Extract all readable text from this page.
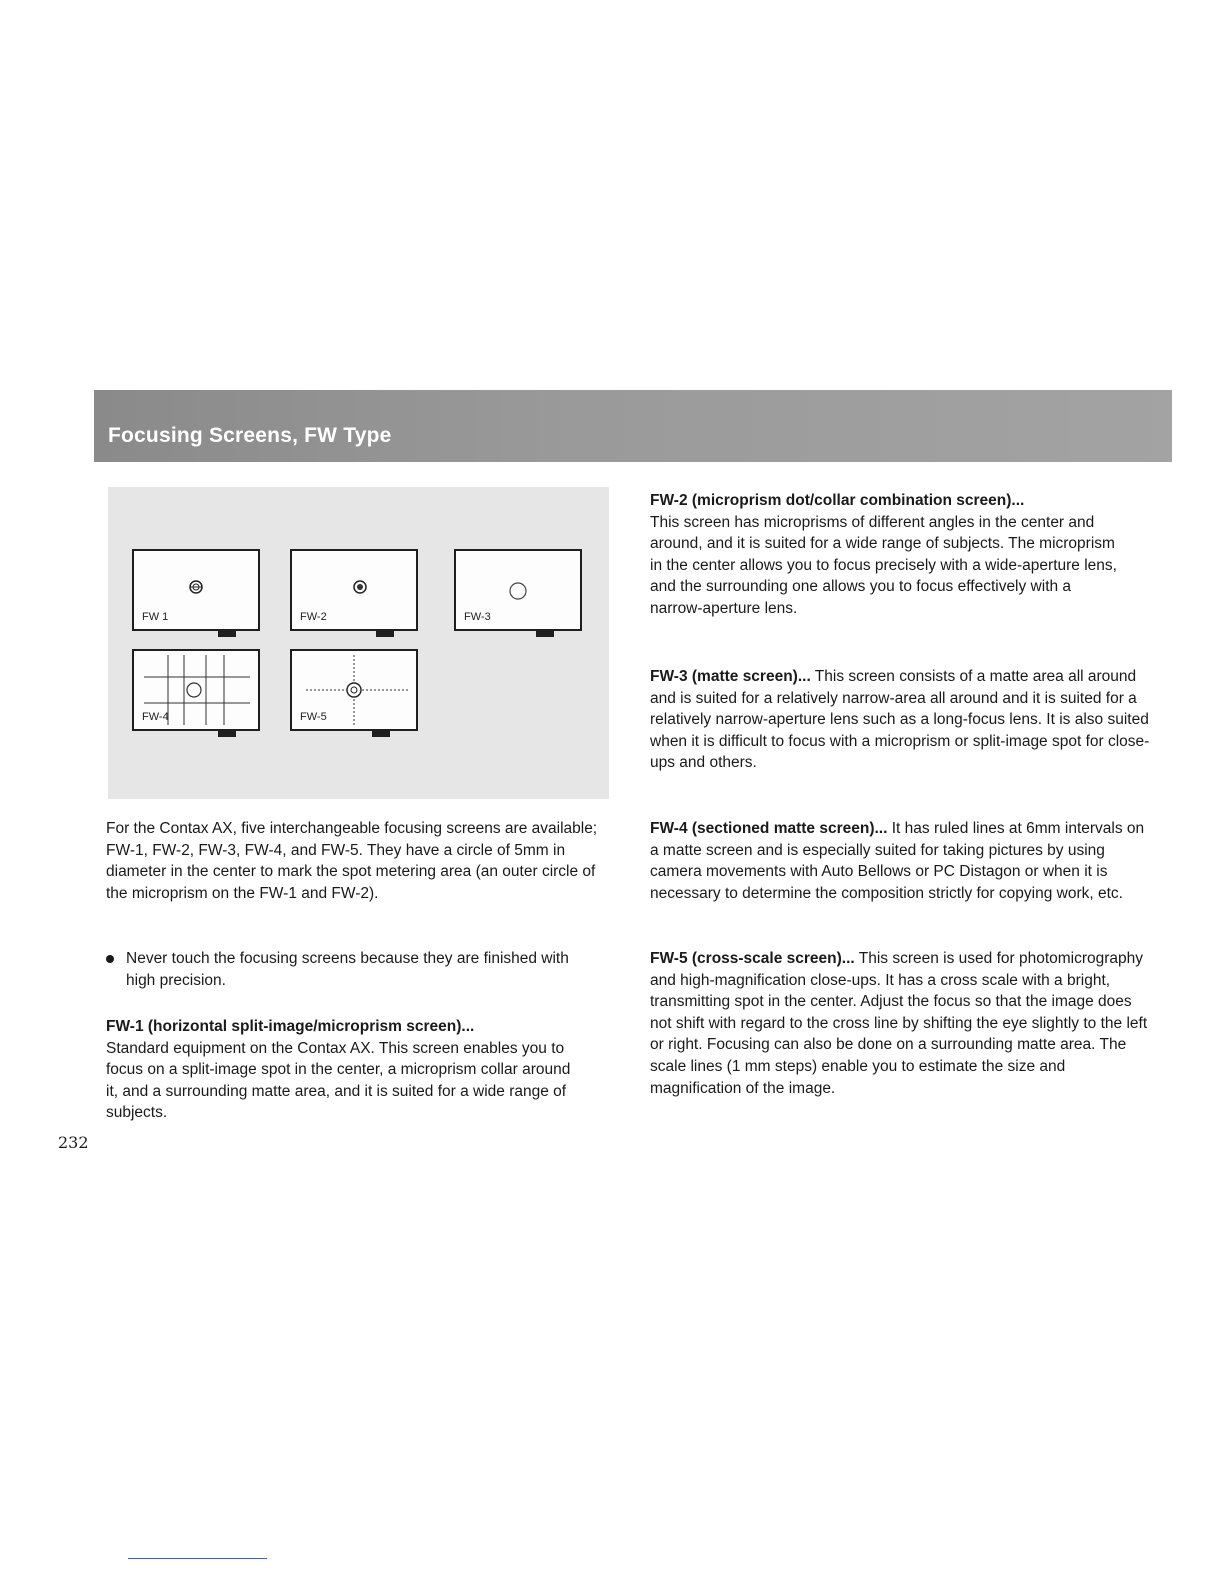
Focusing Screens, FW Type
FW 1	FW-2	FW-3
FW-4	FW-5

For the Contax AX, five interchangeable focusing screens are available; FW-1, FW-2, FW-3, FW-4, and FW-5. They have a circle of 5mm in diameter in the center to mark the spot metering area (an outer circle of the microprism on the FW-1 and FW-2).

Never touch the focusing screens because they are finished with high precision.

FW-1 (horizontal split-image/microprism screen)...

Standard equipment on the Contax AX. This screen enables you to focus on a split-image spot in the center, a microprism collar around it, and a surrounding matte area, and it is suited for a wide range of subjects.

FW-2 (microprism dot/collar combination screen)...

This screen has microprisms of different angles in the center and around, and it is suited for a wide range of subjects. The microprism in the center allows you to focus precisely with a wide-aperture lens, and the surrounding one allows you to focus effectively with a narrow-aperture lens.

FW-3 (matte screen)... This screen consists of a matte area all around and is suited for a relatively narrow-area all around and it is suited for a relatively narrow-aperture lens such as a long-focus lens. It is also suited when it is difficult to focus with a microprism or split-image spot for close-ups and others.

FW-4 (sectioned matte screen)... It has ruled lines at 6mm intervals on a matte screen and is especially suited for taking pictures by using camera movements with Auto Bellows or PC Distagon or when it is necessary to determine the composition strictly for copying work, etc.

FW-5 (cross-scale screen)... This screen is used for photomicrography and high-magnification close-ups. It has a cross scale with a bright, transmitting spot in the center. Adjust the focus so that the image does not shift with regard to the cross line by shifting the eye slightly to the left or right. Focusing can also be done on a surrounding matte area. The scale lines (1 mm steps) enable you to estimate the size and magnification of the image.

232
